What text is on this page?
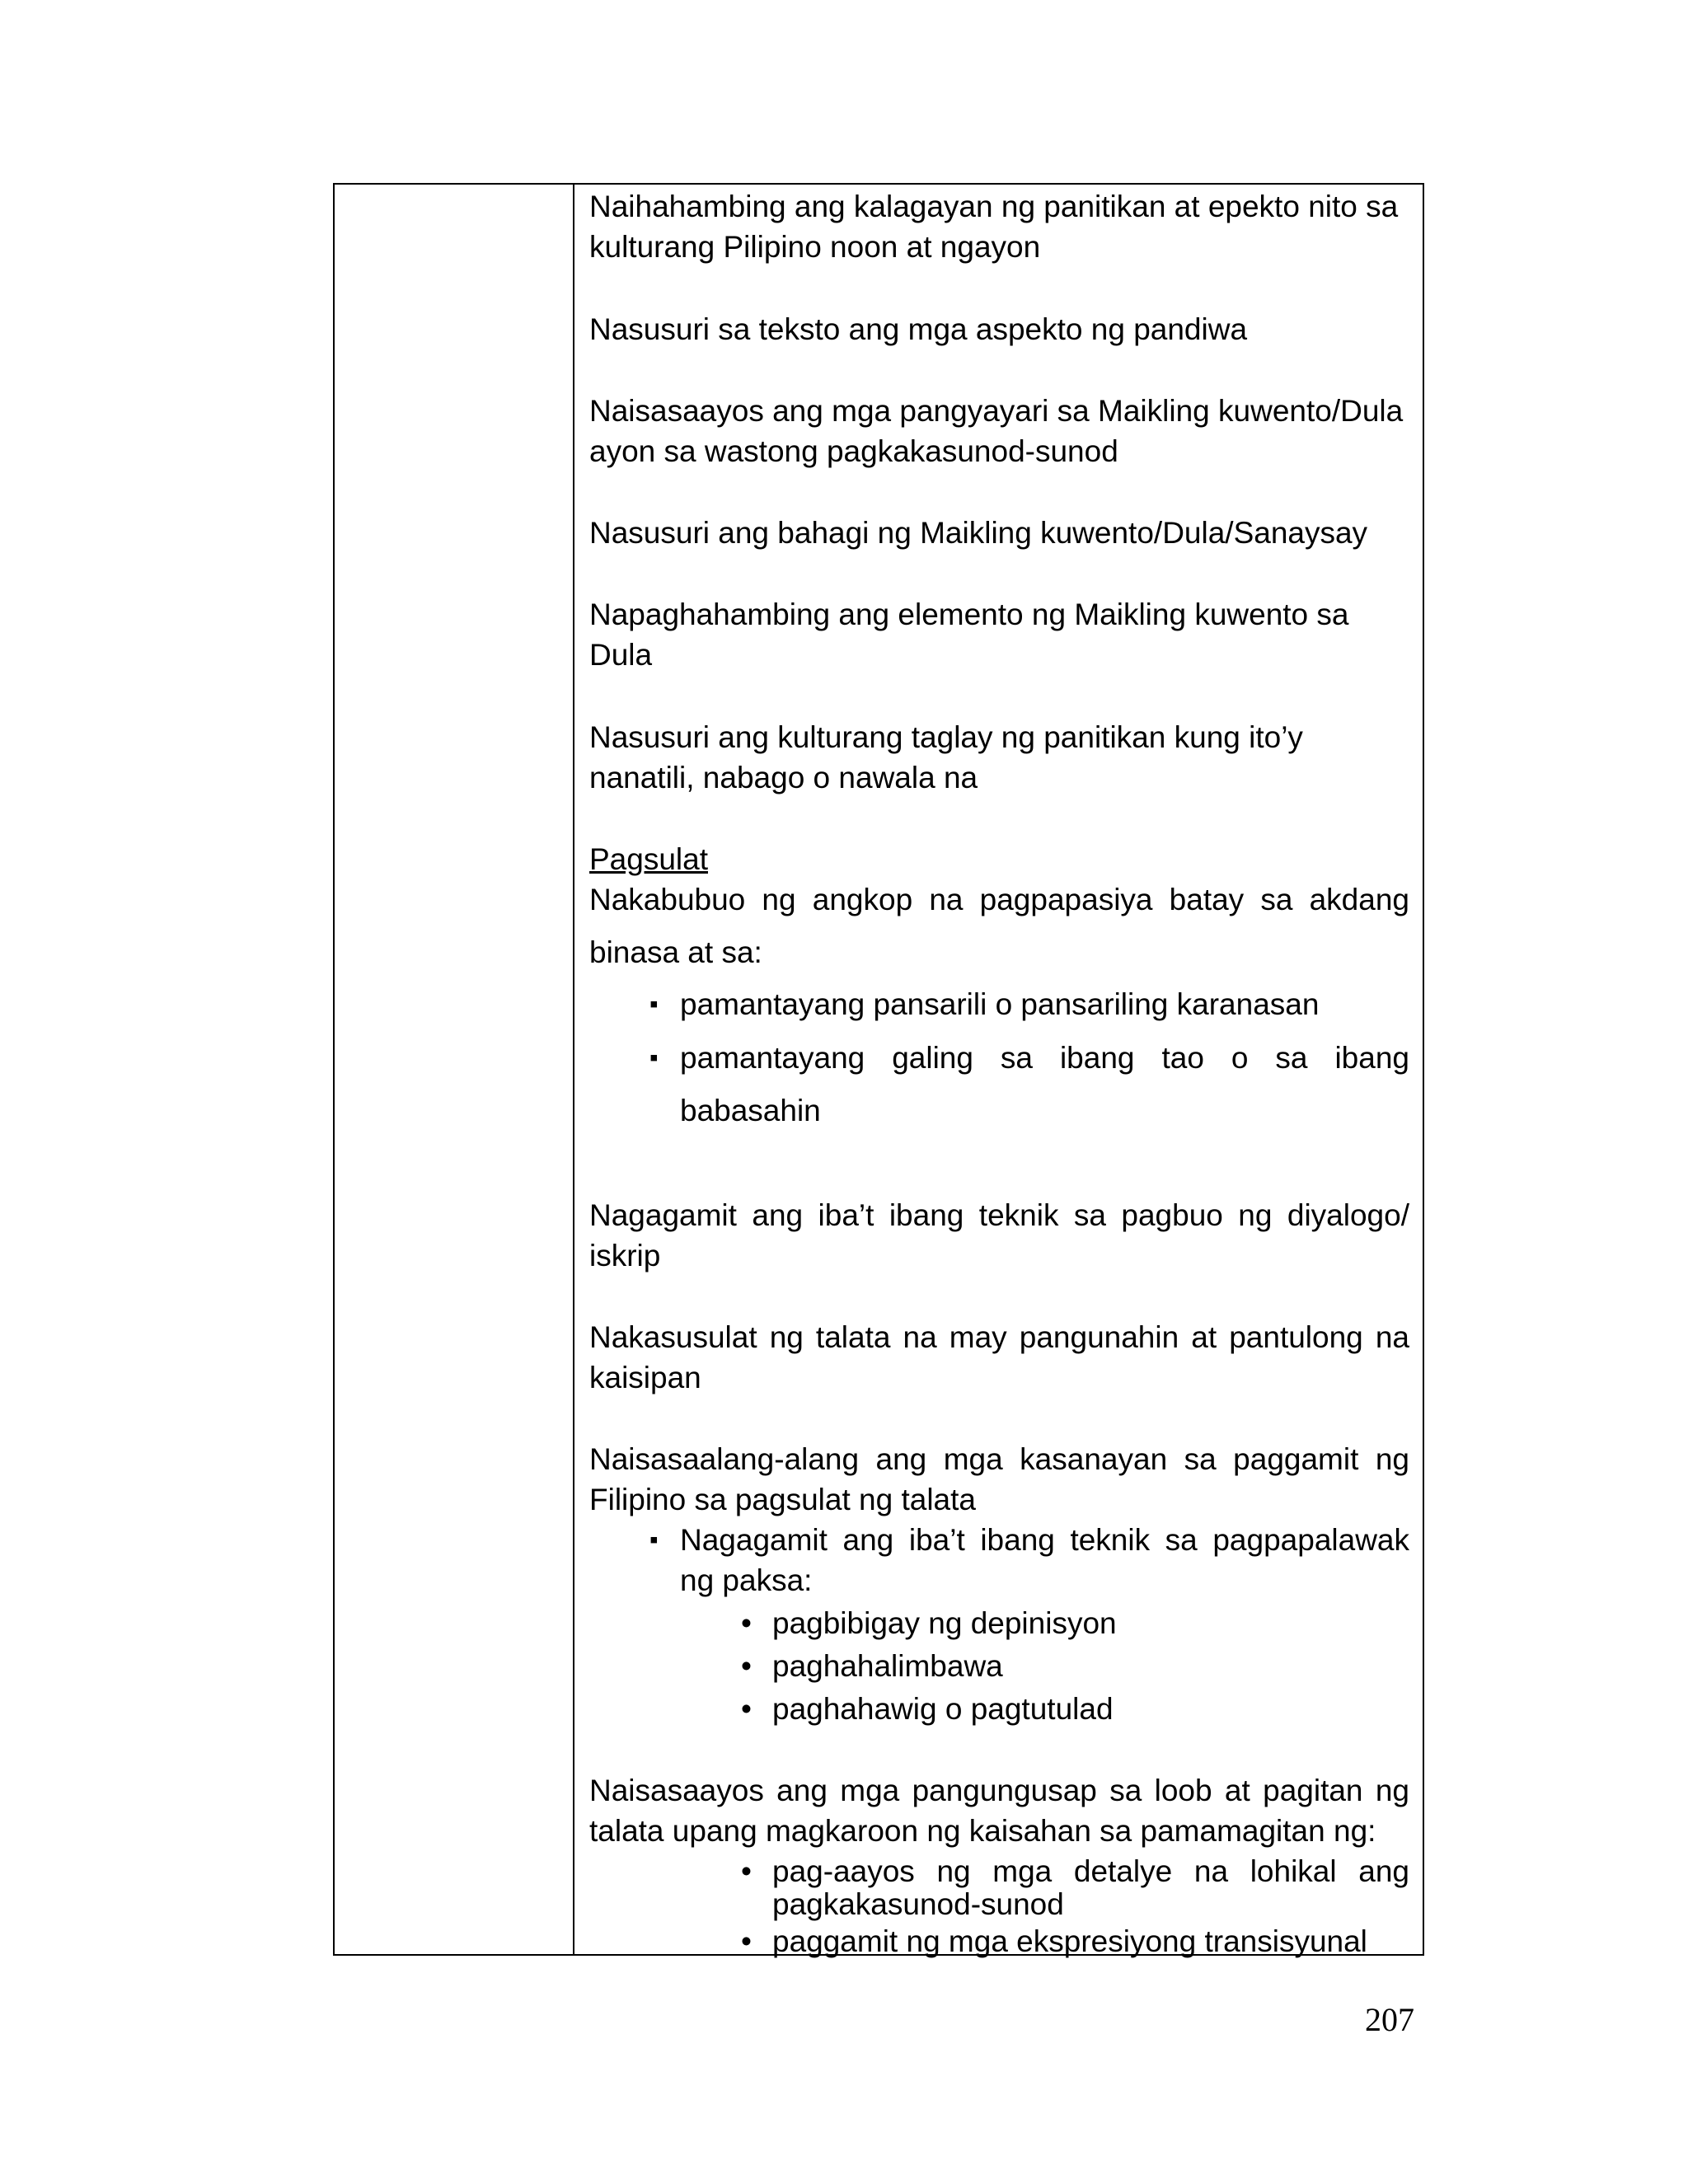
Naihahambing ang kalagayan ng panitikan at epekto nito sa
kulturang Pilipino noon at ngayon
Nasusuri sa teksto ang mga aspekto ng pandiwa
Naisasaayos ang mga pangyayari sa Maikling kuwento/Dula
ayon sa wastong pagkakasunod-sunod
Nasusuri ang bahagi ng Maikling kuwento/Dula/Sanaysay
Napaghahambing ang elemento ng Maikling kuwento sa
Dula
Nasusuri ang kulturang taglay ng panitikan kung ito’y
nanatili, nabago o nawala na
Pagsulat
Nakabubuo ng angkop na pagpapasiya batay sa akdang
binasa at sa:
▪ pamantayang pansarili o pansariling karanasan
▪ pamantayang galing sa ibang tao o sa ibang
babasahin
Nagagamit ang iba’t ibang teknik sa pagbuo ng diyalogo/
iskrip
Nakasusulat ng talata na may pangunahin at pantulong na
kaisipan
Naisasaalang-alang ang mga kasanayan sa paggamit ng
Filipino sa pagsulat ng talata
▪ Nagagamit ang iba’t ibang teknik sa pagpapalawak
ng paksa:
• pagbibigay ng depinisyon
• paghahalimbawa
• paghahawig o pagtutulad
Naisasaayos ang mga pangungusap sa loob at pagitan ng
talata upang magkaroon ng kaisahan sa pamamagitan ng:
• pag-aayos ng mga detalye na lohikal ang
pagkakasunod-sunod
• paggamit ng mga ekspresiyong transisyunal
207
